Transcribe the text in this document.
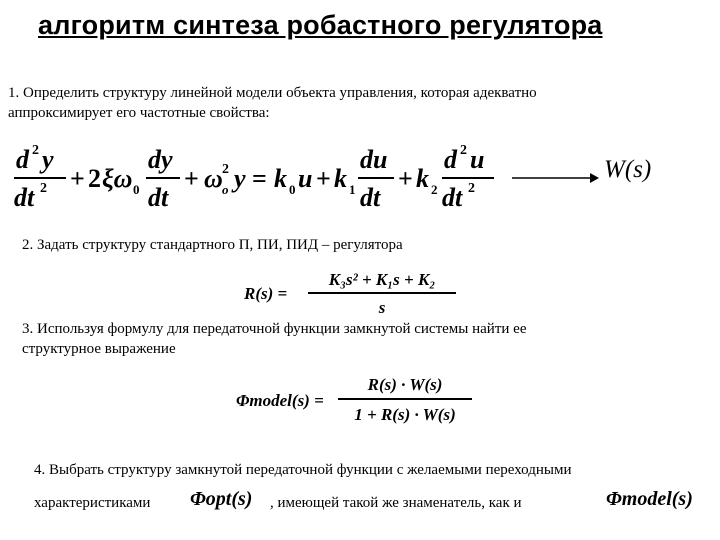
алгоритм синтеза робастного регулятора
1. Определить структуру линейной модели объекта управления, которая адекватно
аппроксимирует его частотные свойства:
d 2 y
dt 2 + 2 ξω 0
dy
dt
+ ω 2
o y = k 0 u + k 1
du
dt
+ k 2
d 2 u
dt 2
W(s)
2. Задать структуру стандартного П, ПИ, ПИД – регулятора
R(s) =
K₃s² + K₁s + K₂
s
3. Используя формулу для передаточной функции замкнутой системы найти ее
структурное выражение
Φmodel(s) =
R(s) · W(s)
1 + R(s) · W(s)
4. Выбрать структуру замкнутой передаточной функции с желаемыми переходными
характеристиками Φopt(s) , имеющей такой же знаменатель, как и	Φmodel(s)
